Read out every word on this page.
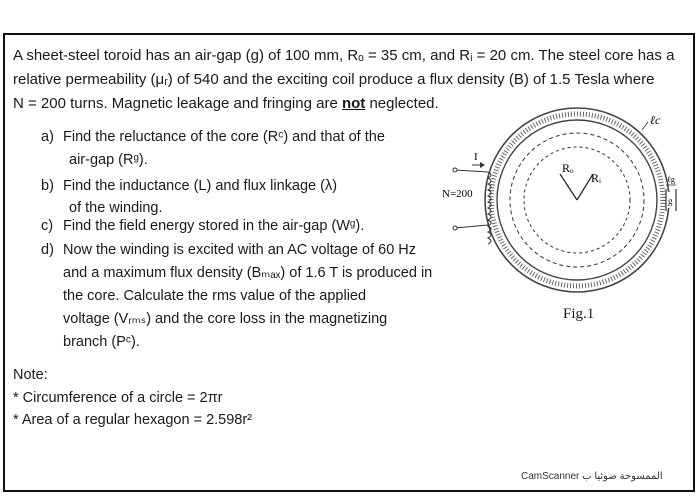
A sheet-steel toroid has an air-gap (g) of 100 mm, Rₒ = 35 cm, and Rᵢ = 20 cm. The steel core has a
relative permeability (μᵣ) of 540 and the exciting coil produce a flux density (B) of 1.5 Tesla where
N = 200 turns. Magnetic leakage and fringing are not neglected.
a) Find the reluctance of the core (Rᶜ) and that of the
air-gap (Rᵍ).
b) Find the inductance (L) and flux linkage (λ)
of the winding.
c) Find the field energy stored in the air-gap (Wᵍ).
d) Now the winding is excited with an AC voltage of 60 Hz
and a maximum flux density (Bₘₐₓ) of 1.6 T is produced in
the core. Calculate the rms value of the applied
voltage (Vᵣₘₛ) and the core loss in the magnetizing
branch (Pᶜ).
Note:
* Circumference of a circle = 2πr
* Area of a regular hexagon = 2.598r²
Rₒ
Rᵢ
I
N=200
ℓc
ℓg
g
Fig.1
CamScanner الممسوحة ضوئيا ب
